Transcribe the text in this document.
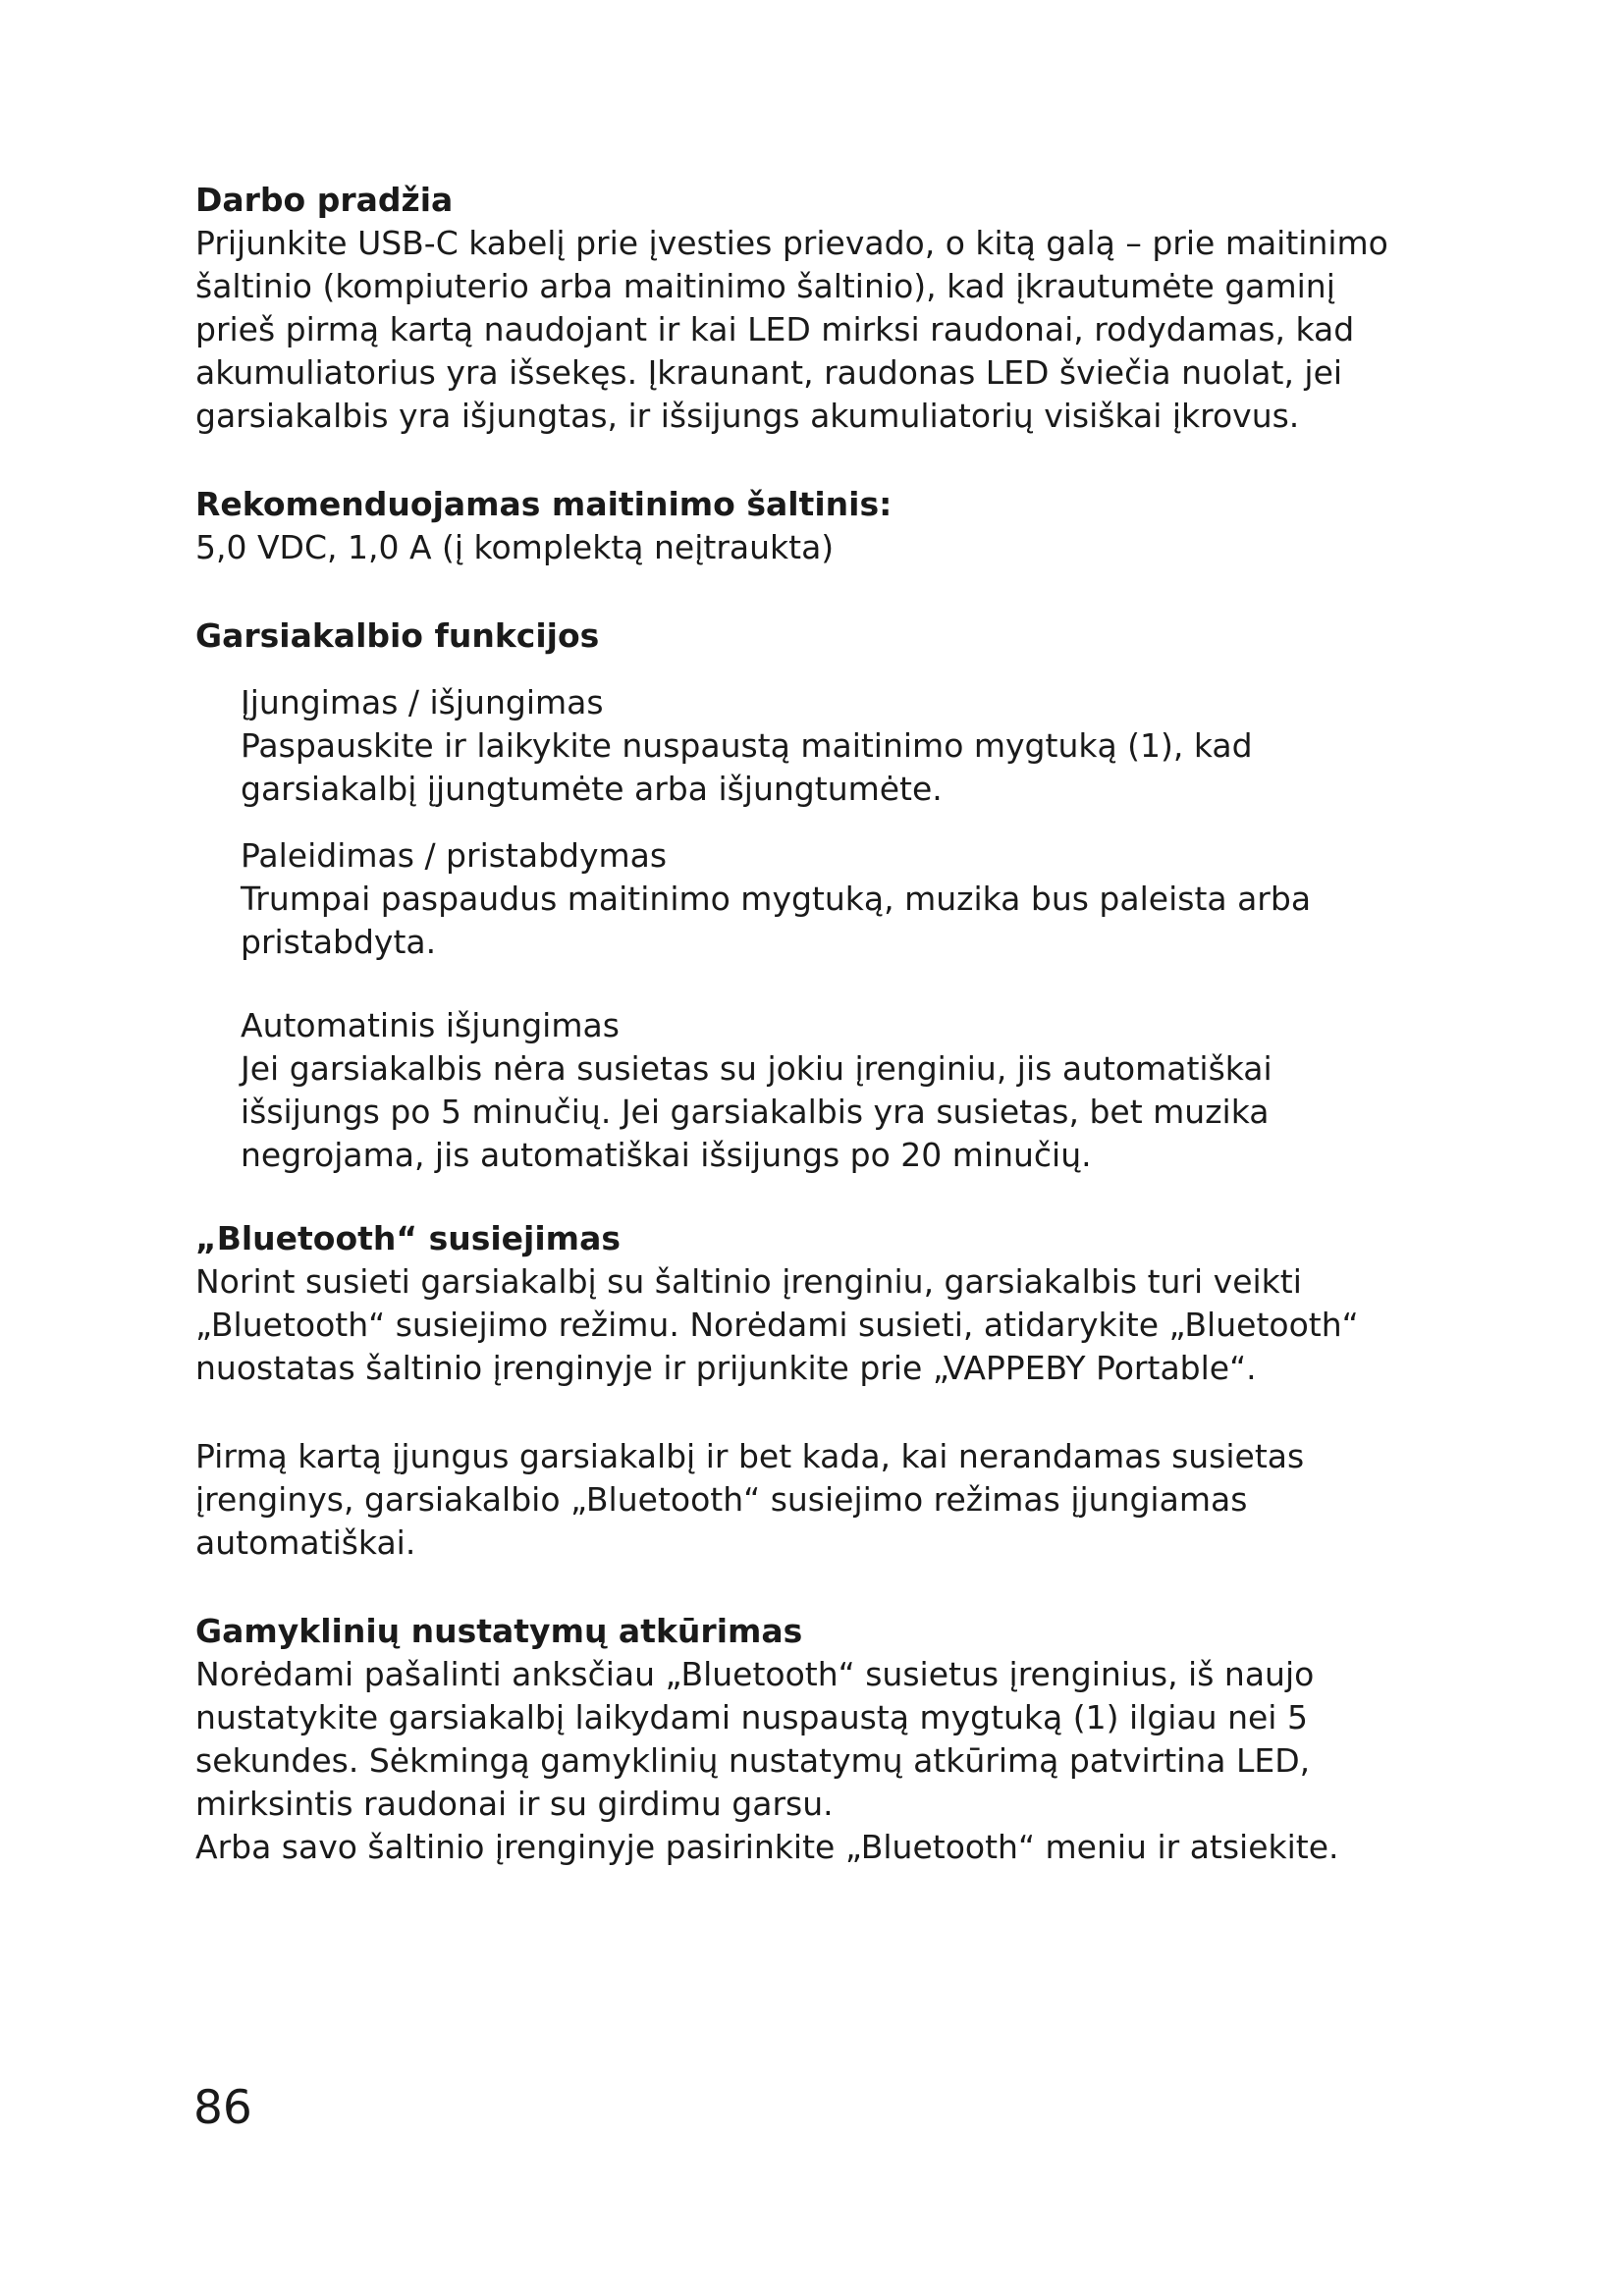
Darbo pradžia

Prijunkite USB-C kabelį prie įvesties prievado, o kitą galą – prie maitinimo
šaltinio (kompiuterio arba maitinimo šaltinio), kad įkrautumėte gaminį
prieš pirmą kartą naudojant ir kai LED mirksi raudonai, rodydamas, kad
akumuliatorius yra išsekęs. Įkraunant, raudonas LED šviečia nuolat, jei
garsiakalbis yra išjungtas, ir išsijungs akumuliatorių visiškai įkrovus.

Rekomenduojamas maitinimo šaltinis:

5,0 VDC, 1,0 A (į komplektą neįtraukta)

Garsiakalbio funkcijos

Įjungimas / išjungimas

Paspauskite ir laikykite nuspaustą maitinimo mygtuką (1), kad
garsiakalbį įjungtumėte arba išjungtumėte.

Paleidimas / pristabdymas

Trumpai paspaudus maitinimo mygtuką, muzika bus paleista arba
pristabdyta.

Automatinis išjungimas

Jei garsiakalbis nėra susietas su jokiu įrenginiu, jis automatiškai
išsijungs po 5 minučių. Jei garsiakalbis yra susietas, bet muzika
negrojama, jis automatiškai išsijungs po 20 minučių.

„Bluetooth“ susiejimas

Norint susieti garsiakalbį su šaltinio įrenginiu, garsiakalbis turi veikti
„Bluetooth“ susiejimo režimu. Norėdami susieti, atidarykite „Bluetooth“
nuostatas šaltinio įrenginyje ir prijunkite prie „VAPPEBY Portable“.

Pirmą kartą įjungus garsiakalbį ir bet kada, kai nerandamas susietas
įrenginys, garsiakalbio „Bluetooth“ susiejimo režimas įjungiamas
automatiškai.

Gamyklinių nustatymų atkūrimas

Norėdami pašalinti anksčiau „Bluetooth“ susietus įrenginius, iš naujo
nustatykite garsiakalbį laikydami nuspaustą mygtuką (1) ilgiau nei 5
sekundes. Sėkmingą gamyklinių nustatymų atkūrimą patvirtina LED,
mirksintis raudonai ir su girdimu garsu.
Arba savo šaltinio įrenginyje pasirinkite „Bluetooth“ meniu ir atsiekite.

86
